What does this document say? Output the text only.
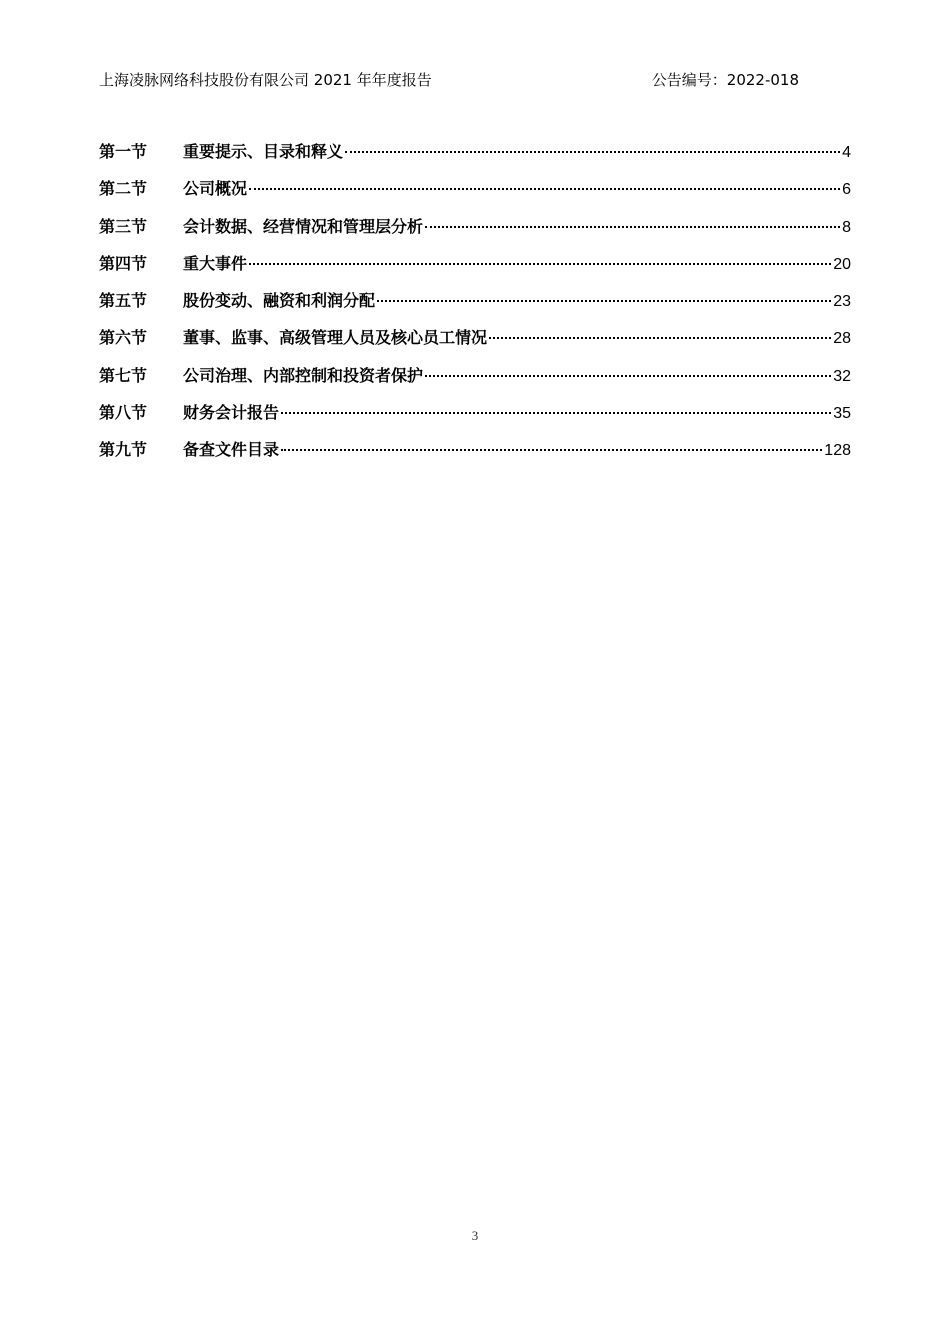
上海凌脉网络科技股份有限公司 2021 年年度报告	公告编号：2022-018
第一节	重要提示、目录和释义	4
第二节	公司概况	6
第三节	会计数据、经营情况和管理层分析	8
第四节	重大事件	20
第五节	股份变动、融资和利润分配	23
第六节	董事、监事、高级管理人员及核心员工情况	28
第七节	公司治理、内部控制和投资者保护	32
第八节	财务会计报告	35
第九节	备查文件目录	128
3
